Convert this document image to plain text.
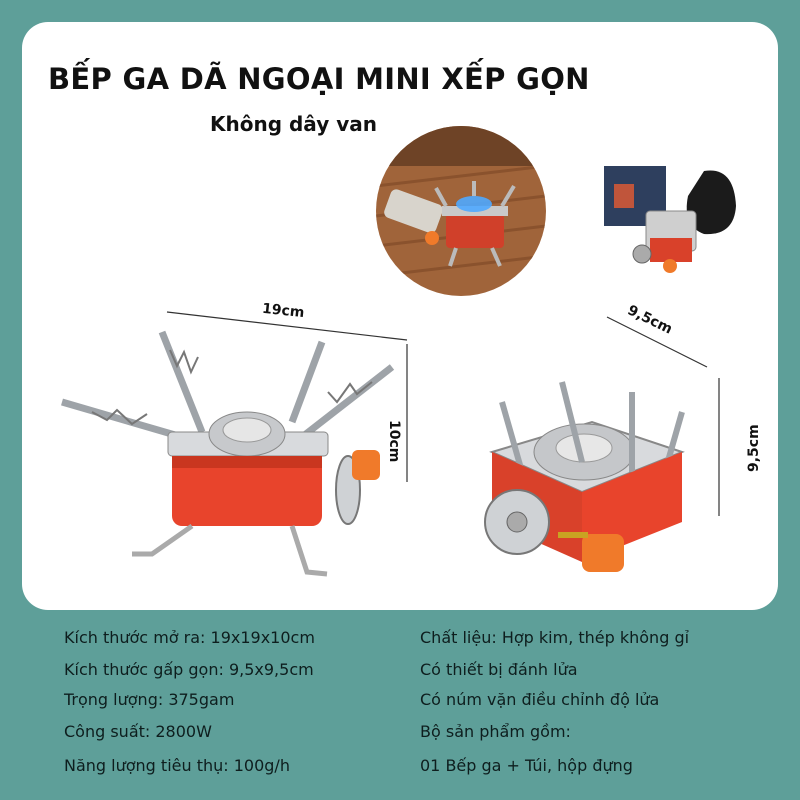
BẾP GA DÃ NGOẠI MINI XẾP GỌN
Không dây van
19cm
10cm
9,5cm
9,5cm
Kích thước mở ra: 19x19x10cm
Kích thước gấp gọn: 9,5x9,5cm
Trọng lượng: 375gam
Công suất: 2800W
Năng lượng tiêu thụ: 100g/h
Chất liệu: Hợp kim, thép không gỉ
Có thiết bị đánh lửa
Có núm vặn điều chỉnh độ lửa
Bộ sản phẩm gồm:
01 Bếp ga + Túi, hộp đựng
